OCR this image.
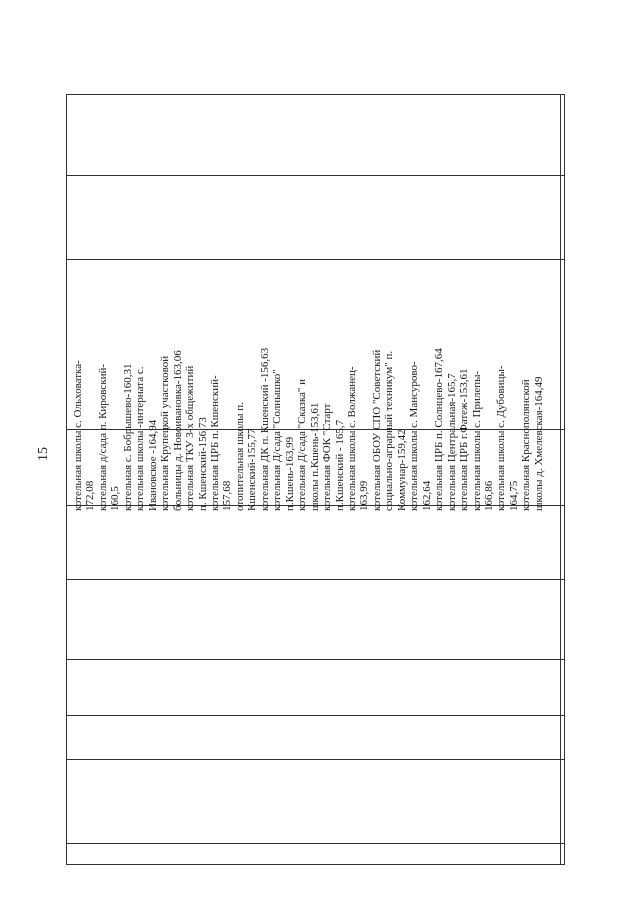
15 котельная школы с. Ольховатка- 172,08 котельная д/сада п. Кировский- 160,5 котельная с. Бобрышево-160,31 котельная школы -интерната с. Ивановское -164,94 котельная Крупецкой участковой больницы д. Новоивановка-163,06 котельная ТКУ 3-х общежитий п. Кшенский-156,73 котельная ЦРБ п. Кшенский- 157,68 отопительная школы п. Кшенский-155,77 котельная ДК п. Кшенский -156,63 котельная Д/сада "Солнышко" п.Кшень-163,99 котельная Д/сада "Сказка" и школы п.Кшень-153,61 котельная ФОК "Старт п.Кшенский - 165,7 котельная школы с. Волжанец- 163,99 котельная ОБОУ СПО "Советский социально-аграрный техникум" п. Коммунар-159,42 котельная школы с. Мансурово- 162,64 котельная ЦРБ п. Солнцево-167,64 котельная Центральная-165,7 котельная ЦРБ г.Фатеж-153,61 котельная школы с. Прилепы- 166,86 котельная школы с. Дубовицы- 164,75 котельная Краснополянской школы д. Хмелевская-164,49
